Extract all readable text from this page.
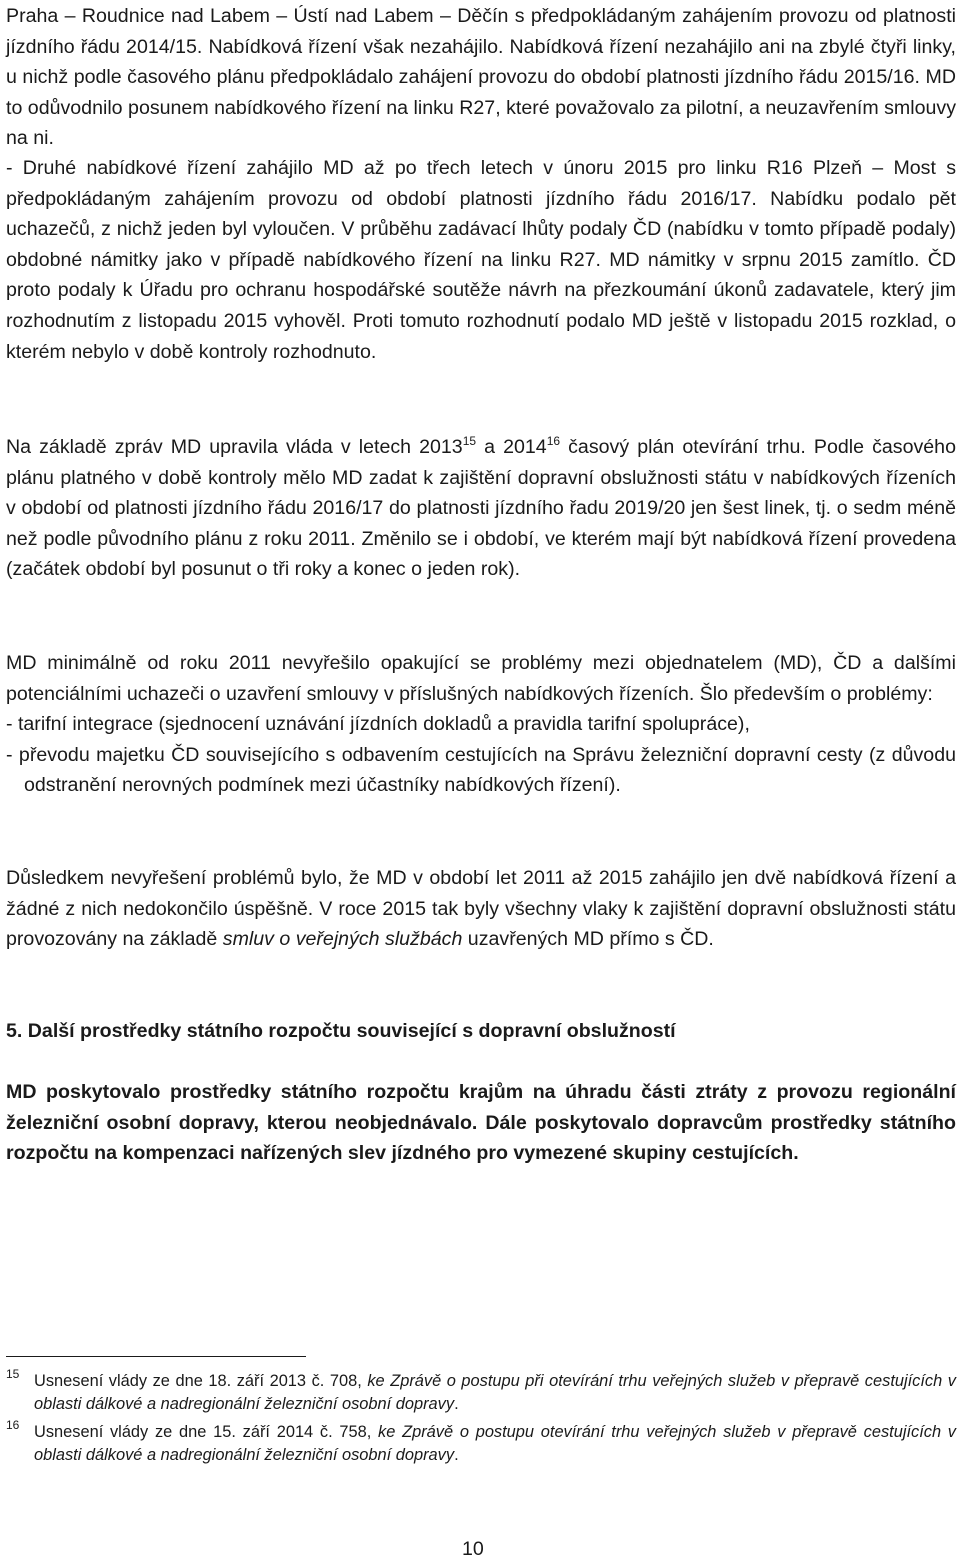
Praha – Roudnice nad Labem – Ústí nad Labem – Děčín s předpokládaným zahájením provozu od platnosti jízdního řádu 2014/15. Nabídková řízení však nezahájilo. Nabídková řízení nezahájilo ani na zbylé čtyři linky, u nichž podle časového plánu předpokládalo zahájení provozu do období platnosti jízdního řádu 2015/16. MD to odůvodnilo posunem nabídkového řízení na linku R27, které považovalo za pilotní, a neuzavřením smlouvy na ni.

- Druhé nabídkové řízení zahájilo MD až po třech letech v únoru 2015 pro linku R16 Plzeň – Most s předpokládaným zahájením provozu od období platnosti jízdního řádu 2016/17. Nabídku podalo pět uchazečů, z nichž jeden byl vyloučen. V průběhu zadávací lhůty podaly ČD (nabídku v tomto případě podaly) obdobné námitky jako v případě nabídkového řízení na linku R27. MD námitky v srpnu 2015 zamítlo. ČD proto podaly k Úřadu pro ochranu hospodářské soutěže návrh na přezkoumání úkonů zadavatele, který jim rozhodnutím z listopadu 2015 vyhověl. Proti tomuto rozhodnutí podalo MD ještě v listopadu 2015 rozklad, o kterém nebylo v době kontroly rozhodnuto.

Na základě zpráv MD upravila vláda v letech 2013$^{15}$ a 2014$^{16}$ časový plán otevírání trhu. Podle časového plánu platného v době kontroly mělo MD zadat k zajištění dopravní obslužnosti státu v nabídkových řízeních v období od platnosti jízdního řádu 2016/17 do platnosti jízdního řadu 2019/20 jen šest linek, tj. o sedm méně než podle původního plánu z roku 2011. Změnilo se i období, ve kterém mají být nabídková řízení provedena (začátek období byl posunut o tři roky a konec o jeden rok).

MD minimálně od roku 2011 nevyřešilo opakující se problémy mezi objednatelem (MD), ČD a dalšími potenciálními uchazeči o uzavření smlouvy v příslušných nabídkových řízeních. Šlo především o problémy:

- tarifní integrace (sjednocení uznávání jízdních dokladů a pravidla tarifní spolupráce),

- převodu majetku ČD souvisejícího s odbavením cestujících na Správu železniční dopravní cesty (z důvodu odstranění nerovných podmínek mezi účastníky nabídkových řízení).

Důsledkem nevyřešení problémů bylo, že MD v období let 2011 až 2015 zahájilo jen dvě nabídková řízení a žádné z nich nedokončilo úspěšně. V roce 2015 tak byly všechny vlaky k zajištění dopravní obslužnosti státu provozovány na základě smluv o veřejných službách uzavřených MD přímo s ČD.

5. Další prostředky státního rozpočtu související s dopravní obslužností

MD poskytovalo prostředky státního rozpočtu krajům na úhradu části ztráty z provozu regionální železniční osobní dopravy, kterou neobjednávalo. Dále poskytovalo dopravcům prostředky státního rozpočtu na kompenzaci nařízených slev jízdného pro vymezené skupiny cestujících.

15 Usnesení vlády ze dne 18. září 2013 č. 708, ke Zprávě o postupu při otevírání trhu veřejných služeb v přepravě cestujících v oblasti dálkové a nadregionální železniční osobní dopravy.
16 Usnesení vlády ze dne 15. září 2014 č. 758, ke Zprávě o postupu otevírání trhu veřejných služeb v přepravě cestujících v oblasti dálkové a nadregionální železniční osobní dopravy.
10
